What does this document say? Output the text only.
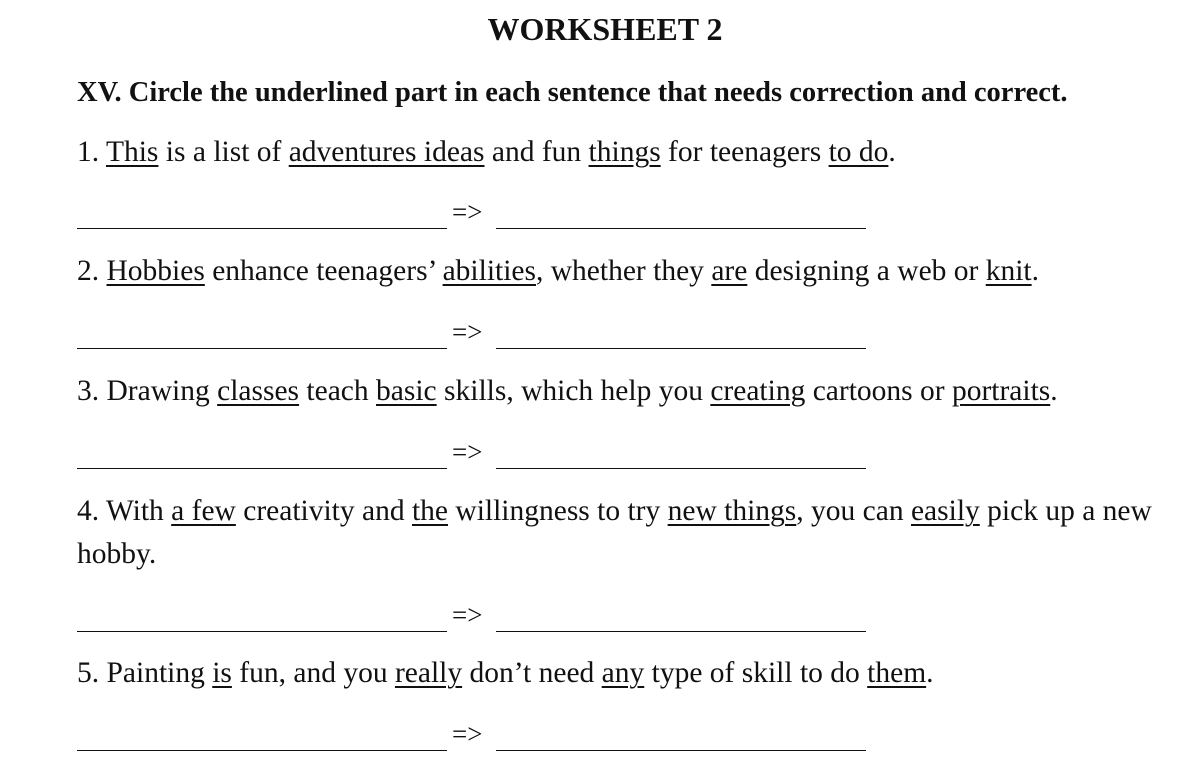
WORKSHEET 2

XV. Circle the underlined part in each sentence that needs correction and correct.

1. This is a list of adventures ideas and fun things for teenagers to do.

=>

2. Hobbies enhance teenagers’ abilities, whether they are designing a web or knit.

=>

3. Drawing classes teach basic skills, which help you creating cartoons or portraits.

=>

4. With a few creativity and the willingness to try new things, you can easily pick up a new hobby.

=>

5. Painting is fun, and you really don’t need any type of skill to do them.

=>
